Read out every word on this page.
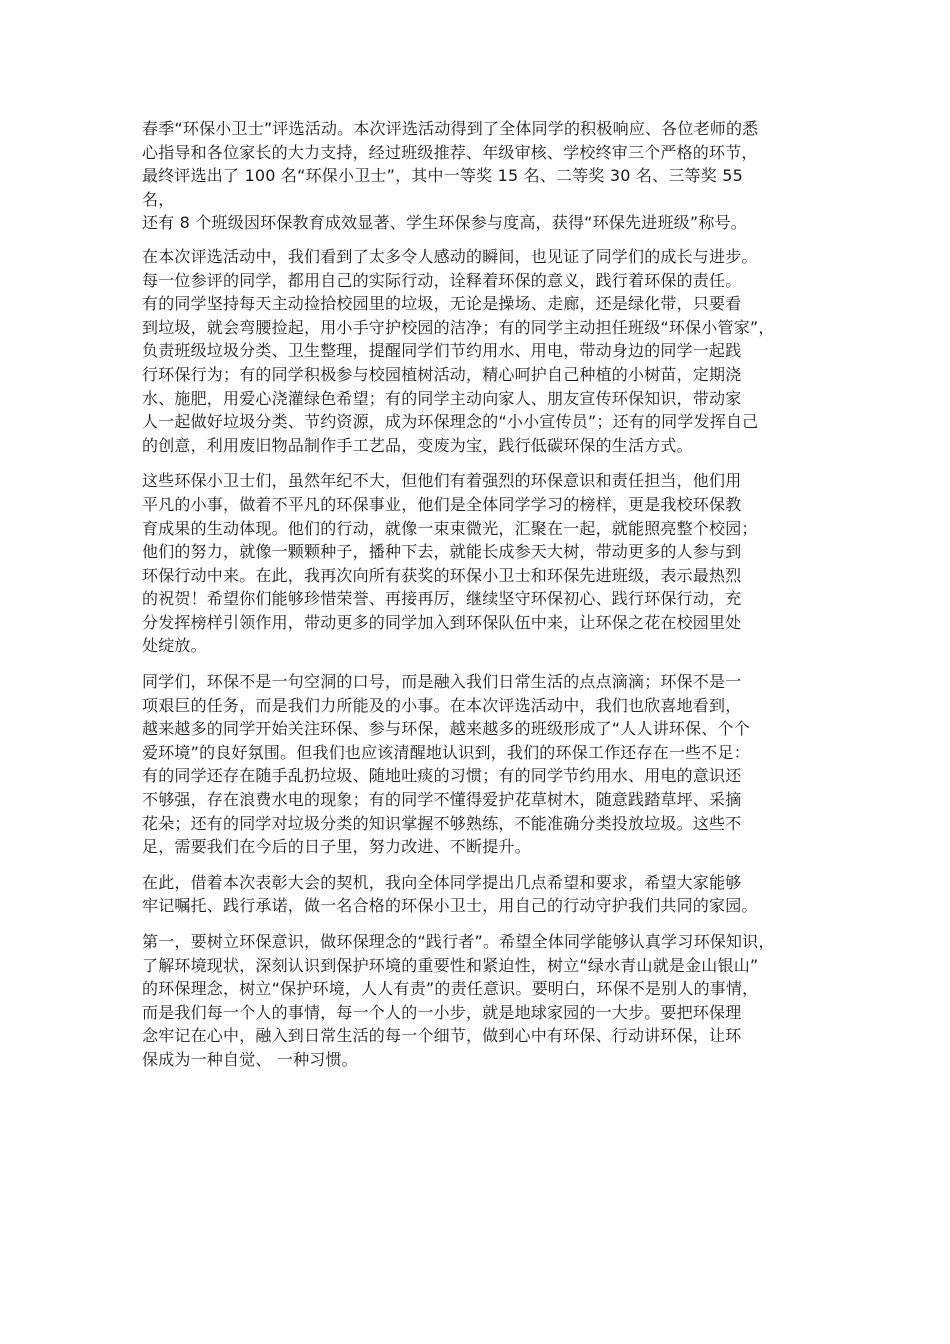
春季“环保小卫士”评选活动。本次评选活动得到了全体同学的积极响应、各位老师的悉
心指导和各位家长的大力支持，经过班级推荐、年级审核、学校终审三个严格的环节，
最终评选出了 100 名“环保小卫士”，其中一等奖 15 名、二等奖 30 名、三等奖 55
名，
还有 8 个班级因环保教育成效显著、学生环保参与度高，获得“环保先进班级”称号。
在本次评选活动中，我们看到了太多令人感动的瞬间，也见证了同学们的成长与进步。
每一位参评的同学，都用自己的实际行动，诠释着环保的意义，践行着环保的责任。
有的同学坚持每天主动捡拾校园里的垃圾，无论是操场、走廊，还是绿化带，只要看
到垃圾，就会弯腰捡起，用小手守护校园的洁净；有的同学主动担任班级“环保小管家”，
负责班级垃圾分类、卫生整理，提醒同学们节约用水、用电，带动身边的同学一起践
行环保行为；有的同学积极参与校园植树活动，精心呵护自己种植的小树苗，定期浇
水、施肥，用爱心浇灌绿色希望；有的同学主动向家人、朋友宣传环保知识，带动家
人一起做好垃圾分类、节约资源，成为环保理念的“小小宣传员”；还有的同学发挥自己
的创意，利用废旧物品制作手工艺品，变废为宝，践行低碳环保的生活方式。
这些环保小卫士们，虽然年纪不大，但他们有着强烈的环保意识和责任担当，他们用
平凡的小事，做着不平凡的环保事业，他们是全体同学学习的榜样，更是我校环保教
育成果的生动体现。他们的行动，就像一束束微光，汇聚在一起，就能照亮整个校园；
他们的努力，就像一颗颗种子，播种下去，就能长成参天大树，带动更多的人参与到
环保行动中来。在此，我再次向所有获奖的环保小卫士和环保先进班级，表示最热烈
的祝贺！希望你们能够珍惜荣誉、再接再厉，继续坚守环保初心、践行环保行动，充
分发挥榜样引领作用，带动更多的同学加入到环保队伍中来，让环保之花在校园里处
处绽放。
同学们，环保不是一句空洞的口号，而是融入我们日常生活的点点滴滴；环保不是一
项艰巨的任务，而是我们力所能及的小事。在本次评选活动中，我们也欣喜地看到，
越来越多的同学开始关注环保、参与环保，越来越多的班级形成了“人人讲环保、个个
爱环境”的良好氛围。但我们也应该清醒地认识到，我们的环保工作还存在一些不足：
有的同学还存在随手乱扔垃圾、随地吐痰的习惯；有的同学节约用水、用电的意识还
不够强，存在浪费水电的现象；有的同学不懂得爱护花草树木，随意践踏草坪、采摘
花朵；还有的同学对垃圾分类的知识掌握不够熟练，不能准确分类投放垃圾。这些不
足，需要我们在今后的日子里，努力改进、不断提升。
在此，借着本次表彰大会的契机，我向全体同学提出几点希望和要求，希望大家能够
牢记嘱托、践行承诺，做一名合格的环保小卫士，用自己的行动守护我们共同的家园。
第一，要树立环保意识，做环保理念的“践行者”。希望全体同学能够认真学习环保知识，
了解环境现状，深刻认识到保护环境的重要性和紧迫性，树立“绿水青山就是金山银山”
的环保理念，树立“保护环境，人人有责”的责任意识。要明白，环保不是别人的事情，
而是我们每一个人的事情，每一个人的一小步，就是地球家园的一大步。要把环保理
念牢记在心中，融入到日常生活的每一个细节，做到心中有环保、行动讲环保，让环
保成为一种自觉、 一种习惯。
